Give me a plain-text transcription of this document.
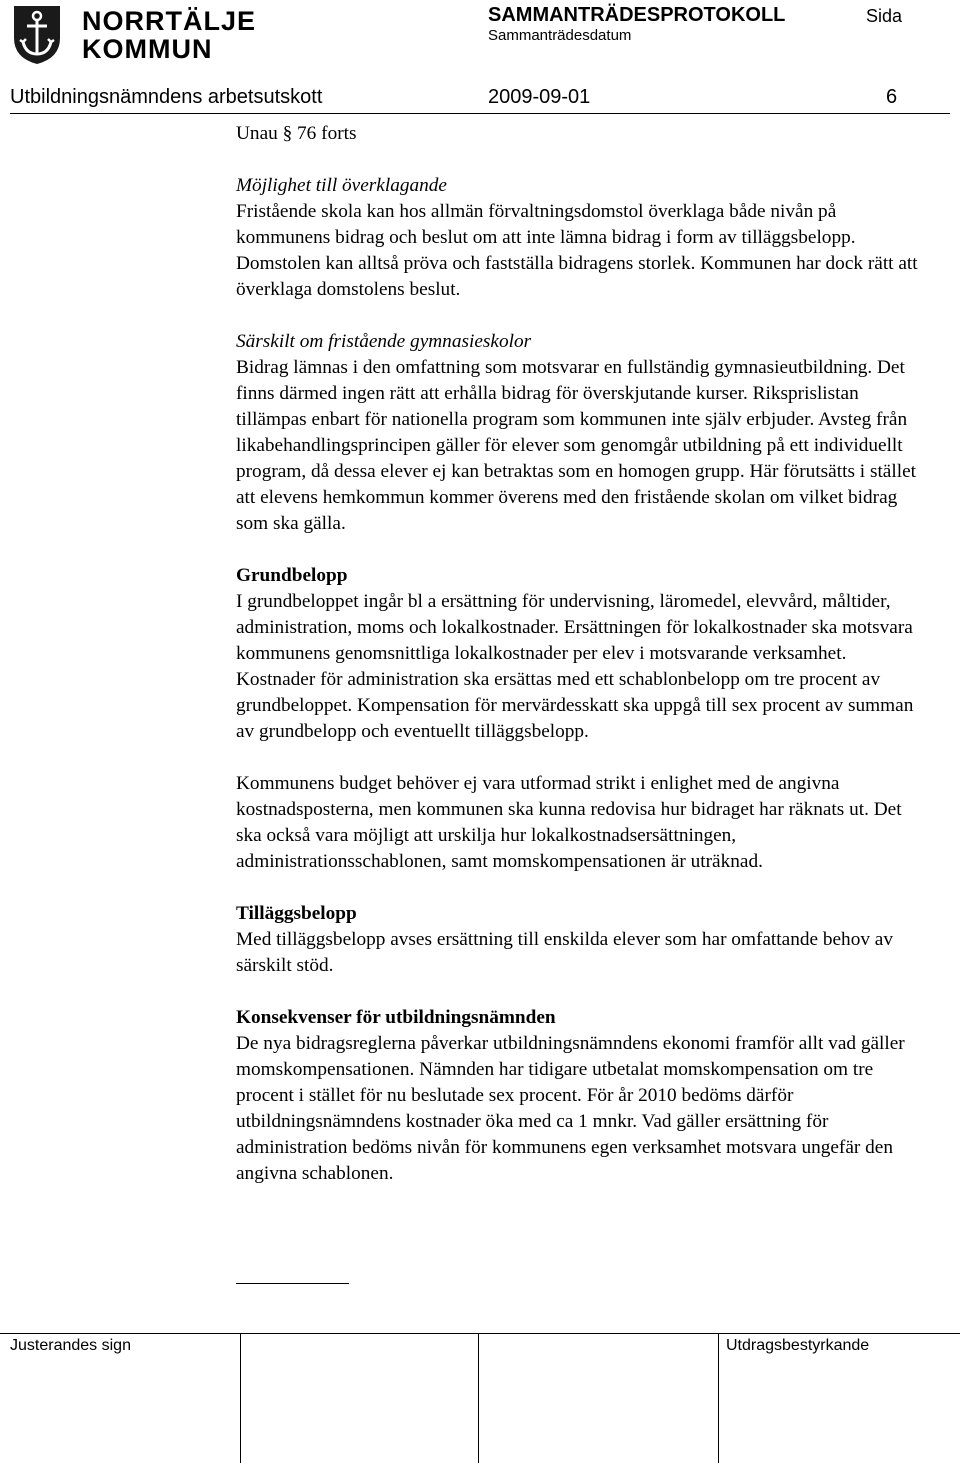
NORRTÄLJE
KOMMUN
SAMMANTRÄDESPROTOKOLL
Sammanträdesdatum
Sida
Utbildningsnämndens arbetsutskott	2009-09-01	6

Unau § 76 forts

Möjlighet till överklagande

Fristående skola kan hos allmän förvaltningsdomstol överklaga både nivån på kommunens bidrag och beslut om att inte lämna bidrag i form av tilläggsbelopp. Domstolen kan alltså pröva och fastställa bidragens storlek. Kommunen har dock rätt att överklaga domstolens beslut.

Särskilt om fristående gymnasieskolor

Bidrag lämnas i den omfattning som motsvarar en fullständig gymnasieutbildning. Det finns därmed ingen rätt att erhålla bidrag för överskjutande kurser. Riksprislistan tillämpas enbart för nationella program som kommunen inte själv erbjuder. Avsteg från likabehandlingsprincipen gäller för elever som genomgår utbildning på ett individuellt program, då dessa elever ej kan betraktas som en homogen grupp. Här förutsätts i stället att elevens hemkommun kommer överens med den fristående skolan om vilket bidrag som ska gälla.

Grundbelopp

I grundbeloppet ingår bl a ersättning för undervisning, läromedel, elevvård, måltider, administration, moms och lokalkostnader. Ersättningen för lokalkostnader ska motsvara kommunens genomsnittliga lokalkostnader per elev i motsvarande verksamhet. Kostnader för administration ska ersättas med ett schablonbelopp om tre procent av grundbeloppet. Kompensation för mervärdesskatt ska uppgå till sex procent av summan av grundbelopp och eventuellt tilläggsbelopp.

Kommunens budget behöver ej vara utformad strikt i enlighet med de angivna kostnadsposterna, men kommunen ska kunna redovisa hur bidraget har räknats ut. Det ska också vara möjligt att urskilja hur lokalkostnadsersättningen, administrationsschablonen, samt momskompensationen är uträknad.

Tilläggsbelopp

Med tilläggsbelopp avses ersättning till enskilda elever som har omfattande behov av särskilt stöd.

Konsekvenser för utbildningsnämnden

De nya bidragsreglerna påverkar utbildningsnämndens ekonomi framför allt vad gäller momskompensationen. Nämnden har tidigare utbetalat momskompensation om tre procent i stället för nu beslutade sex procent. För år 2010 bedöms därför utbildningsnämndens kostnader öka med ca 1 mnkr. Vad gäller ersättning för administration bedöms nivån för kommunens egen verksamhet motsvara ungefär den angivna schablonen.

Justerandes sign	Utdragsbestyrkande
